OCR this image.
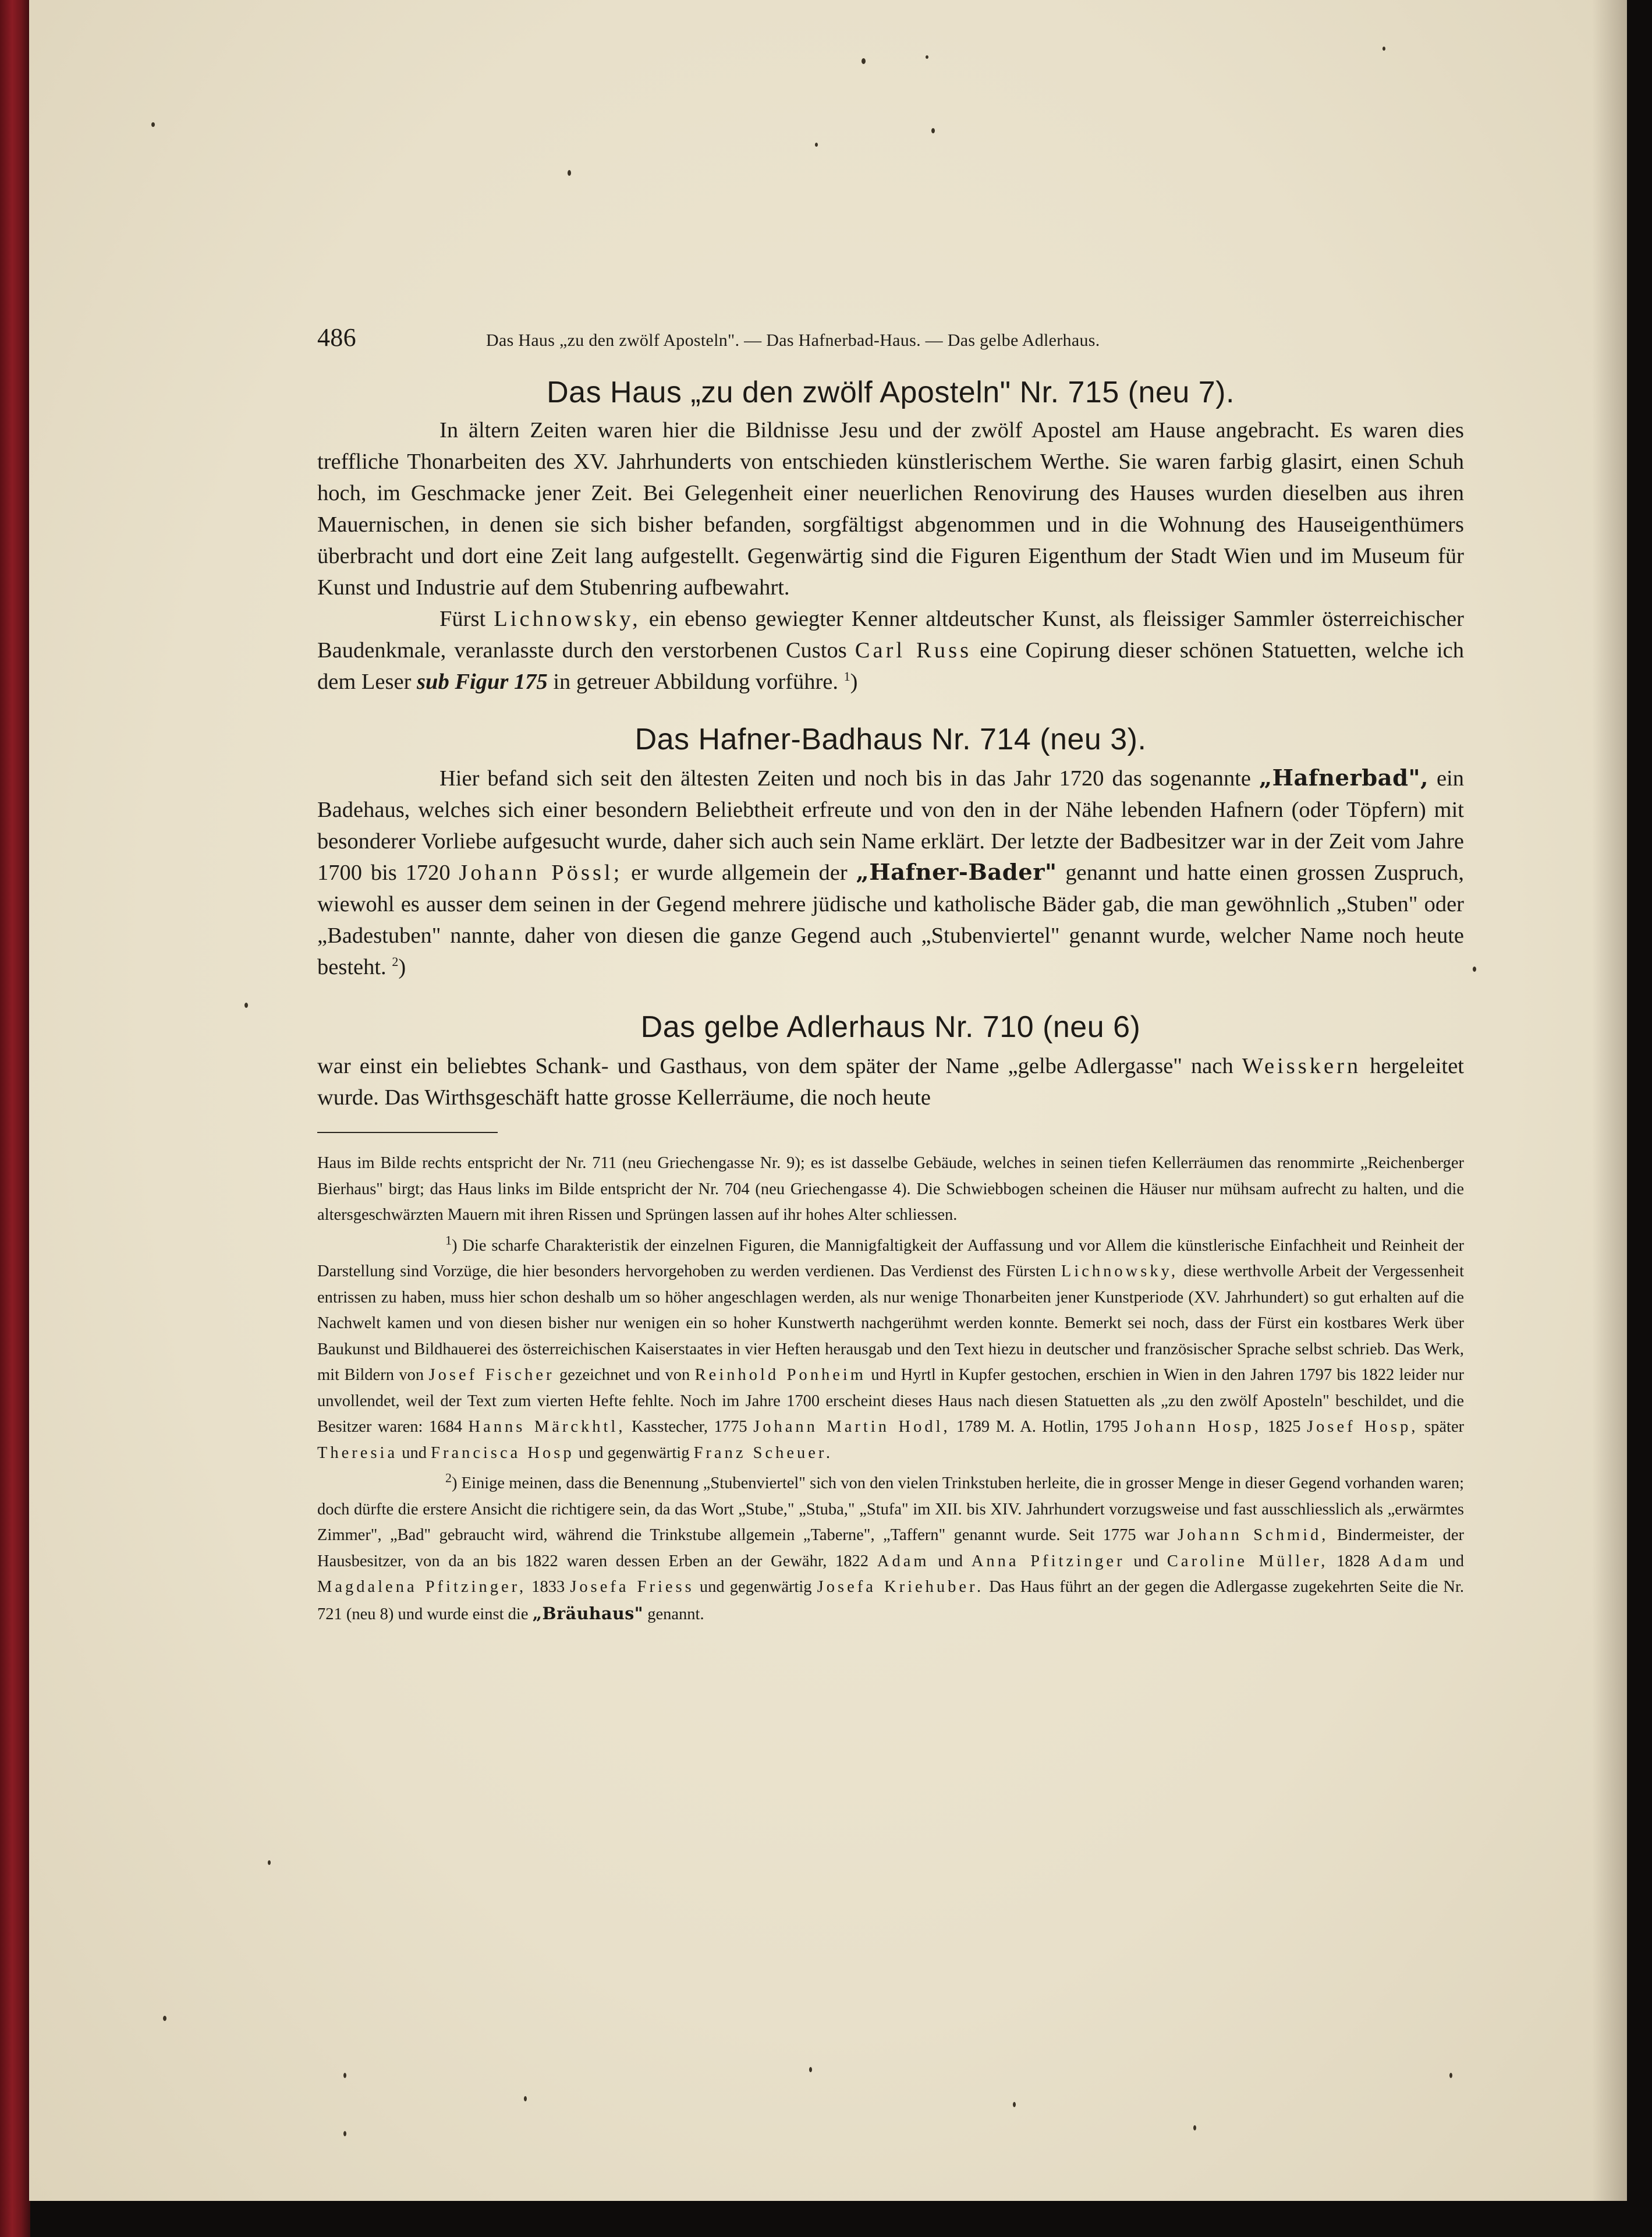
486	Das Haus „zu den zwölf Aposteln". — Das Hafnerbad-Haus. — Das gelbe Adlerhaus.
Das Haus „zu den zwölf Aposteln" Nr. 715 (neu 7).

In ältern Zeiten waren hier die Bildnisse Jesu und der zwölf Apostel am Hause angebracht. Es waren dies treffliche Thonarbeiten des XV. Jahrhunderts von entschieden künstlerischem Werthe. Sie waren farbig glasirt, einen Schuh hoch, im Geschmacke jener Zeit. Bei Gelegenheit einer neuerlichen Renovirung des Hauses wurden dieselben aus ihren Mauernischen, in denen sie sich bisher befanden, sorgfältigst abgenommen und in die Wohnung des Hauseigenthümers überbracht und dort eine Zeit lang aufgestellt. Gegenwärtig sind die Figuren Eigenthum der Stadt Wien und im Museum für Kunst und Industrie auf dem Stubenring aufbewahrt.

Fürst Lichnowsky, ein ebenso gewiegter Kenner altdeutscher Kunst, als fleissiger Sammler österreichischer Baudenkmale, veranlasste durch den verstorbenen Custos Carl Russ eine Copirung dieser schönen Statuetten, welche ich dem Leser sub Figur 175 in getreuer Abbildung vorführe. $^1$)

Das Hafner-Badhaus Nr. 714 (neu 3).

Hier befand sich seit den ältesten Zeiten und noch bis in das Jahr 1720 das sogenannte „Hafnerbad", ein Badehaus, welches sich einer besondern Beliebtheit erfreute und von den in der Nähe lebenden Hafnern (oder Töpfern) mit besonderer Vorliebe aufgesucht wurde, daher sich auch sein Name erklärt. Der letzte der Badbesitzer war in der Zeit vom Jahre 1700 bis 1720 Johann Pössl; er wurde allgemein der „Hafner-Bader" genannt und hatte einen grossen Zuspruch, wiewohl es ausser dem seinen in der Gegend mehrere jüdische und katholische Bäder gab, die man gewöhnlich „Stuben" oder „Badestuben" nannte, daher von diesen die ganze Gegend auch „Stubenviertel" genannt wurde, welcher Name noch heute besteht. $^2$)

Das gelbe Adlerhaus Nr. 710 (neu 6)

war einst ein beliebtes Schank- und Gasthaus, von dem später der Name „gelbe Adlergasse" nach Weisskern hergeleitet wurde. Das Wirthsgeschäft hatte grosse Kellerräume, die noch heute

Haus im Bilde rechts entspricht der Nr. 711 (neu Griechengasse Nr. 9); es ist dasselbe Gebäude, welches in seinen tiefen Kellerräumen das renommirte „Reichenberger Bierhaus" birgt; das Haus links im Bilde entspricht der Nr. 704 (neu Griechengasse 4). Die Schwiebbogen scheinen die Häuser nur mühsam aufrecht zu halten, und die altersgeschwärzten Mauern mit ihren Rissen und Sprüngen lassen auf ihr hohes Alter schliessen.

$^1$) Die scharfe Charakteristik der einzelnen Figuren, die Mannigfaltigkeit der Auffassung und vor Allem die künstlerische Einfachheit und Reinheit der Darstellung sind Vorzüge, die hier besonders hervorgehoben zu werden verdienen. Das Verdienst des Fürsten Lichnowsky, diese werthvolle Arbeit der Vergessenheit entrissen zu haben, muss hier schon deshalb um so höher angeschlagen werden, als nur wenige Thonarbeiten jener Kunstperiode (XV. Jahrhundert) so gut erhalten auf die Nachwelt kamen und von diesen bisher nur wenigen ein so hoher Kunstwerth nachgerühmt werden konnte. Bemerkt sei noch, dass der Fürst ein kostbares Werk über Baukunst und Bildhauerei des österreichischen Kaiserstaates in vier Heften herausgab und den Text hiezu in deutscher und französischer Sprache selbst schrieb. Das Werk, mit Bildern von Josef Fischer gezeichnet und von Reinhold Ponheim und Hyrtl in Kupfer gestochen, erschien in Wien in den Jahren 1797 bis 1822 leider nur unvollendet, weil der Text zum vierten Hefte fehlte. Noch im Jahre 1700 erscheint dieses Haus nach diesen Statuetten als „zu den zwölf Aposteln" beschildet, und die Besitzer waren: 1684 Hanns Märckhtl, Kasstecher, 1775 Johann Martin Hodl, 1789 M. A. Hotlin, 1795 Johann Hosp, 1825 Josef Hosp, später Theresia und Francisca Hosp und gegenwärtig Franz Scheuer.

$^2$) Einige meinen, dass die Benennung „Stubenviertel" sich von den vielen Trinkstuben herleite, die in grosser Menge in dieser Gegend vorhanden waren; doch dürfte die erstere Ansicht die richtigere sein, da das Wort „Stube," „Stuba," „Stufa" im XII. bis XIV. Jahrhundert vorzugsweise und fast ausschliesslich als „erwärmtes Zimmer", „Bad" gebraucht wird, während die Trinkstube allgemein „Taberne", „Taffern" genannt wurde. Seit 1775 war Johann Schmid, Bindermeister, der Hausbesitzer, von da an bis 1822 waren dessen Erben an der Gewähr, 1822 Adam und Anna Pfitzinger und Caroline Müller, 1828 Adam und Magdalena Pfitzinger, 1833 Josefa Friess und gegenwärtig Josefa Kriehuber. Das Haus führt an der gegen die Adlergasse zugekehrten Seite die Nr. 721 (neu 8) und wurde einst die „Bräuhaus" genannt.
